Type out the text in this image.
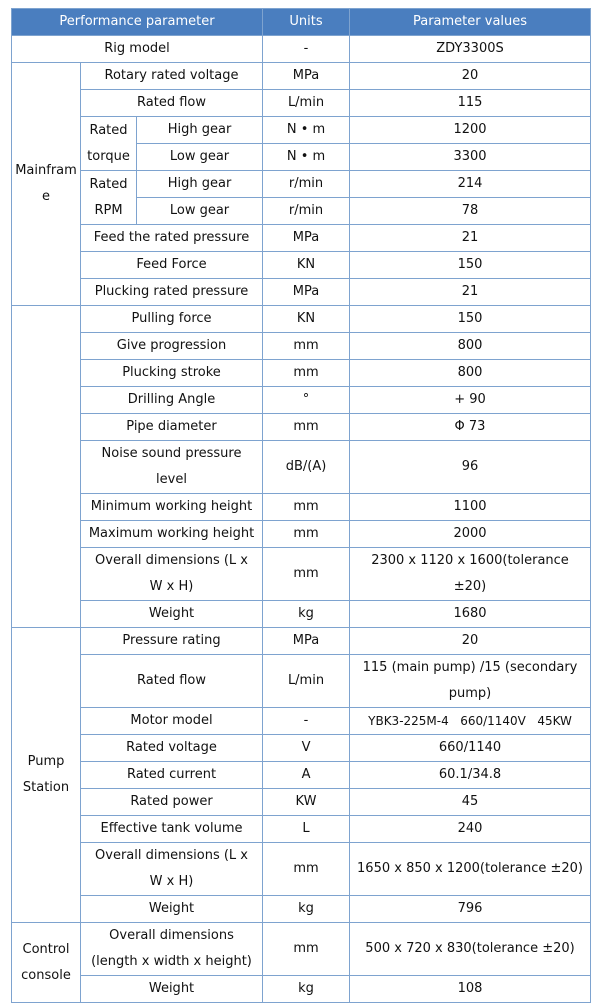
Performance parameter			Units	Parameter values
Rig model			-	ZDY3300S
Mainframe	Rotary rated voltage		MPa	20
	Rated flow		L/min	115
	Rated torque	High gear	N • m	1200
		Low gear	N • m	3300
	Rated RPM	High gear	r/min	214
		Low gear	r/min	78
	Feed the rated pressure		MPa	21
	Feed Force		KN	150
	Plucking rated pressure		MPa	21
	Pulling force		KN	150
	Give progression		mm	800
	Plucking stroke		mm	800
	Drilling Angle		°	+ 90
	Pipe diameter		mm	Φ 73
	Noise sound pressure level		dB/(A)	96
	Minimum working height		mm	1100
	Maximum working height		mm	2000
	Overall dimensions (L x W x H)		mm	2300 x 1120 x 1600(tolerance ±20)
	Weight		kg	1680
Pump Station	Pressure rating		MPa	20
	Rated flow		L/min	115 (main pump) /15 (secondary pump)
	Motor model		-	YBK3-225M-4   660/1140V   45KW
	Rated voltage		V	660/1140
	Rated current		A	60.1/34.8
	Rated power		KW	45
	Effective tank volume		L	240
	Overall dimensions (L x W x H)		mm	1650 x 850 x 1200(tolerance ±20)
	Weight		kg	796
Control console	Overall dimensions (length x width x height)		mm	500 x 720 x 830(tolerance ±20)
	Weight		kg	108
